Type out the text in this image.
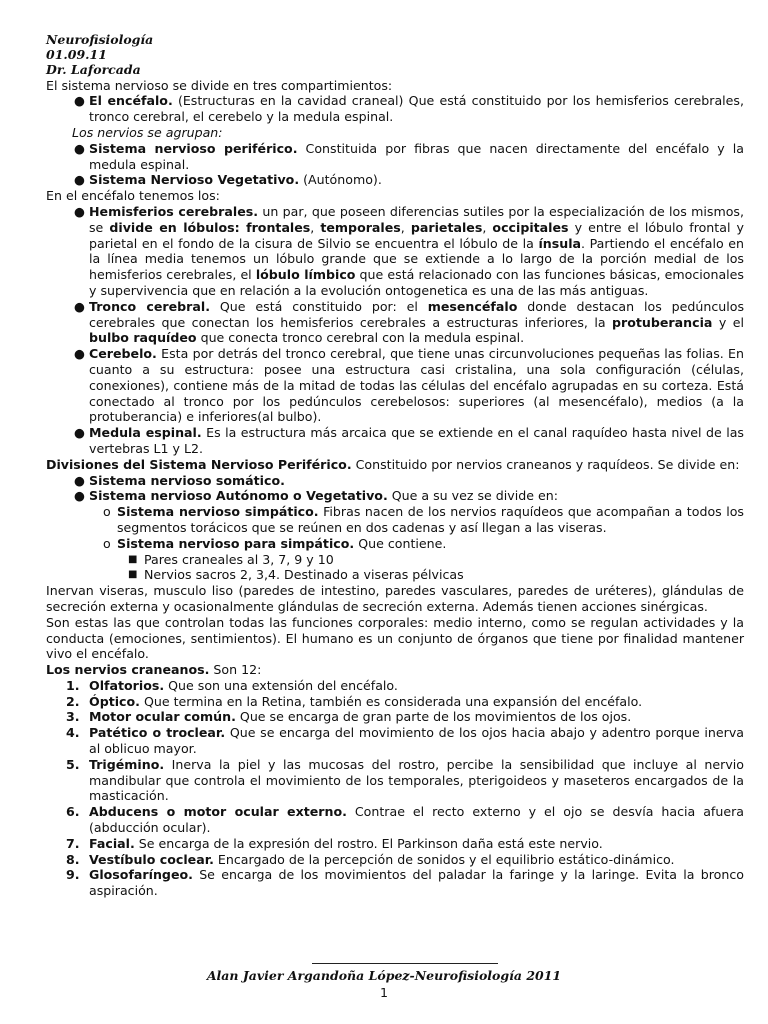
Neurofisiología
01.09.11
Dr. Laforcada

El sistema nervioso se divide en tres compartimientos:

● El encéfalo. (Estructuras en la cavidad craneal) Que está constituido por los hemisferios cerebrales, tronco cerebral, el cerebelo y la medula espinal.
Los nervios se agrupan:
● Sistema nervioso periférico. Constituida por fibras que nacen directamente del encéfalo y la medula espinal.
● Sistema Nervioso Vegetativo. (Autónomo).

En el encéfalo tenemos los:

● Hemisferios cerebrales. un par, que poseen diferencias sutiles por la especialización de los mismos, se divide en lóbulos: frontales, temporales, parietales, occipitales y entre el lóbulo frontal y parietal en el fondo de la cisura de Silvio se encuentra el lóbulo de la ínsula. Partiendo el encéfalo en la línea media tenemos un lóbulo grande que se extiende a lo largo de la porción medial de los hemisferios cerebrales, el lóbulo límbico que está relacionado con las funciones básicas, emocionales y supervivencia que en relación a la evolución ontogenetica es una de las más antiguas.
● Tronco cerebral. Que está constituido por: el mesencéfalo donde destacan los pedúnculos cerebrales que conectan los hemisferios cerebrales a estructuras inferiores, la protuberancia y el bulbo raquídeo que conecta tronco cerebral con la medula espinal.
● Cerebelo. Esta por detrás del tronco cerebral, que tiene unas circunvoluciones pequeñas las folias. En cuanto a su estructura: posee una estructura casi cristalina, una sola configuración (células, conexiones), contiene más de la mitad de todas las células del encéfalo agrupadas en su corteza. Está conectado al tronco por los pedúnculos cerebelosos: superiores (al mesencéfalo), medios (a la protuberancia) e inferiores(al bulbo).
● Medula espinal. Es la estructura más arcaica que se extiende en el canal raquídeo hasta nivel de las vertebras L1 y L2.

Divisiones del Sistema Nervioso Periférico. Constituido por nervios craneanos y raquídeos. Se divide en:

● Sistema nervioso somático.
● Sistema nervioso Autónomo o Vegetativo. Que a su vez se divide en:
o Sistema nervioso simpático. Fibras nacen de los nervios raquídeos que acompañan a todos los segmentos torácicos que se reúnen en dos cadenas y así llegan a las viseras.
o Sistema nervioso para simpático. Que contiene.
■ Pares craneales al 3, 7, 9 y 10
■ Nervios sacros 2, 3,4. Destinado a viseras pélvicas

Inervan viseras, musculo liso (paredes de intestino, paredes vasculares, paredes de uréteres), glándulas de secreción externa y ocasionalmente glándulas de secreción externa. Además tienen acciones sinérgicas.

Son estas las que controlan todas las funciones corporales: medio interno, como se regulan actividades y la conducta (emociones, sentimientos). El humano es un conjunto de órganos que tiene por finalidad mantener vivo el encéfalo.

Los nervios craneanos. Son 12:

1. Olfatorios. Que son una extensión del encéfalo.
2. Óptico. Que termina en la Retina, también es considerada una expansión del encéfalo.
3. Motor ocular común. Que se encarga de gran parte de los movimientos de los ojos.
4. Patético o troclear. Que se encarga del movimiento de los ojos hacia abajo y adentro porque inerva al oblicuo mayor.
5. Trigémino. Inerva la piel y las mucosas del rostro, percibe la sensibilidad que incluye al nervio mandibular que controla el movimiento de los temporales, pterigoideos y maseteros encargados de la masticación.
6. Abducens o motor ocular externo. Contrae el recto externo y el ojo se desvía hacia afuera (abducción ocular).
7. Facial. Se encarga de la expresión del rostro. El Parkinson daña está este nervio.
8. Vestíbulo coclear. Encargado de la percepción de sonidos y el equilibrio estático-dinámico.
9. Glosofaríngeo. Se encarga de los movimientos del paladar la faringe y la laringe. Evita la bronco aspiración.
Alan Javier Argandoña López-Neurofisiología 2011
1
